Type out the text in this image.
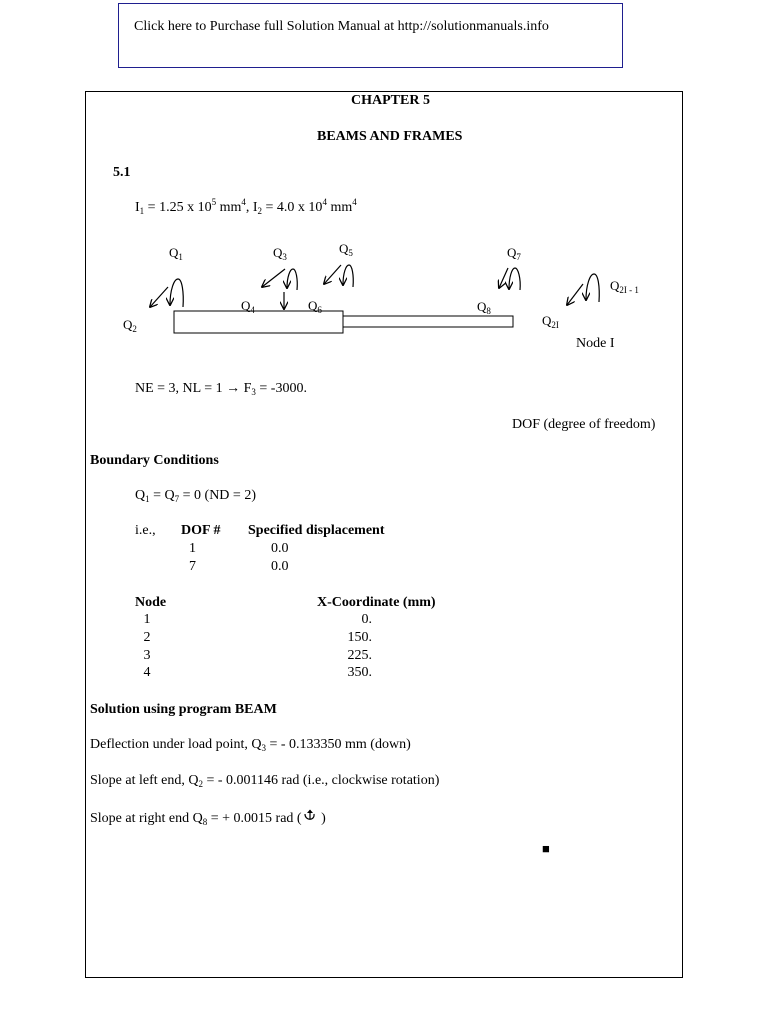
Click here to Purchase full Solution Manual at http://solutionmanuals.info
CHAPTER 5
BEAMS AND FRAMES
5.1
$I_1 = 1.25$ x $10^5$ $mm^4$, $I_2 = 4.0$ x $10^4$ $mm^4$
$Q_1$
$Q_2$
$Q_3$
$Q_4$
$Q_5$
$Q_6$
$Q_7$
$Q_8$
$Q_{2I}$
$Q_{2I - 1}$
Node I
NE = 3, NL = $1 \to F_3 = -3000$.
DOF (degree of freedom)
Boundary Conditions
$Q_1 = Q_7 = 0$ (ND = 2)
i.e., DOF # Specified displacement
1	0.0
7	0.0
Node	X-Coordinate (mm)
1	0.
2	150.
3	225.
4	350.
Solution using program BEAM
Deflection under load point, $Q_3$ = - 0.133350 mm (down)
Slope at left end, $Q_2$ = - 0.001146 rad (i.e., clockwise rotation)
Slope at right end $Q_8$ = + 0.0015 rad ( )
■
